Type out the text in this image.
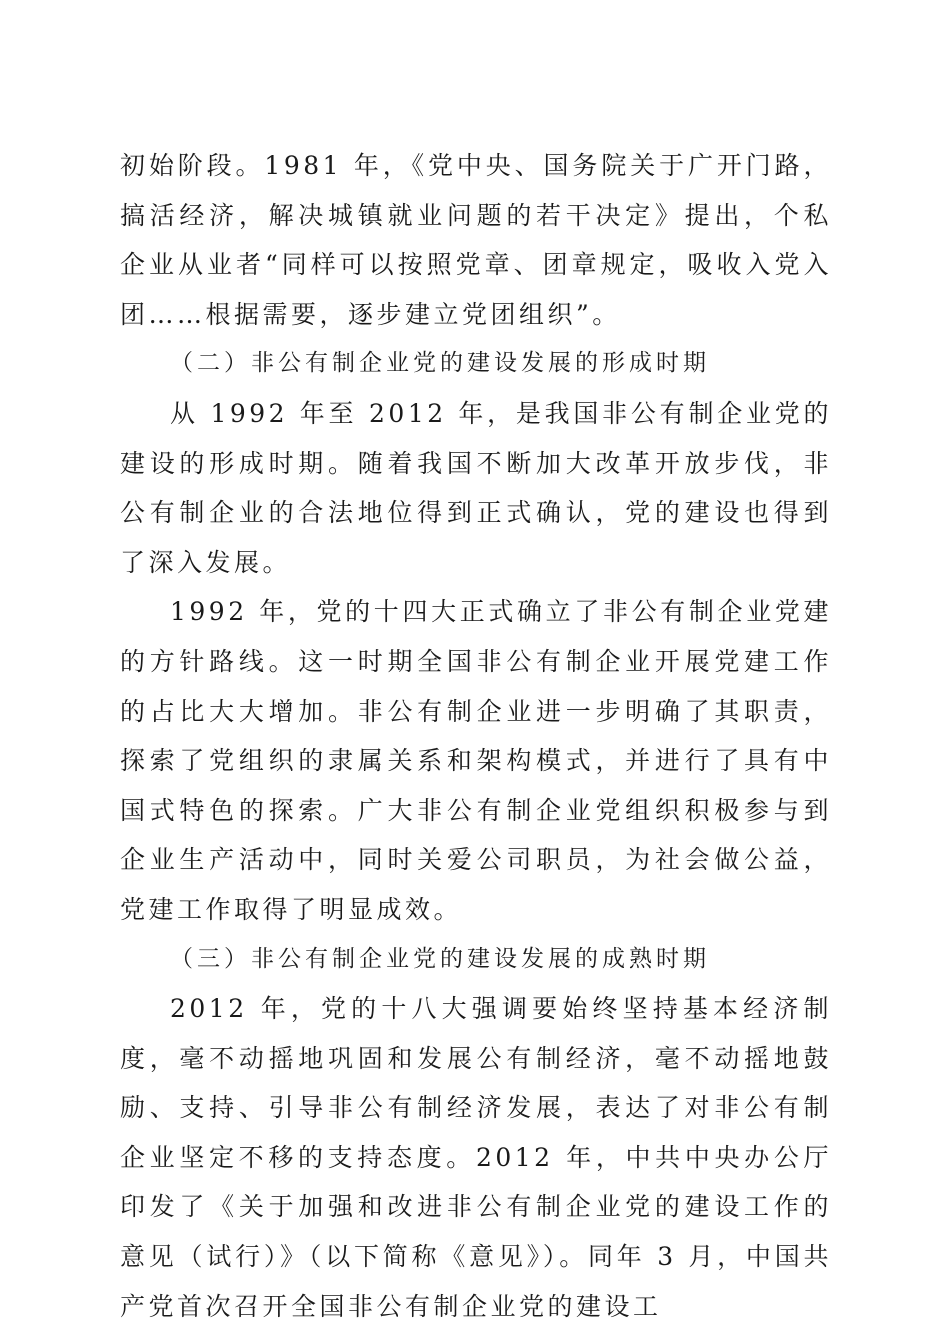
初始阶段。1981 年，《党中央、国务院关于广开门路，搞活经济，解决城镇就业问题的若干决定》提出，个私企业从业者“同样可以按照党章、团章规定，吸收入党入团……根据需要，逐步建立党团组织”。

（二）非公有制企业党的建设发展的形成时期

从 1992 年至 2012 年，是我国非公有制企业党的建设的形成时期。随着我国不断加大改革开放步伐，非公有制企业的合法地位得到正式确认，党的建设也得到了深入发展。

1992 年，党的十四大正式确立了非公有制企业党建的方针路线。这一时期全国非公有制企业开展党建工作的占比大大增加。非公有制企业进一步明确了其职责，探索了党组织的隶属关系和架构模式，并进行了具有中国式特色的探索。广大非公有制企业党组织积极参与到企业生产活动中，同时关爱公司职员，为社会做公益，党建工作取得了明显成效。

（三）非公有制企业党的建设发展的成熟时期

2012 年，党的十八大强调要始终坚持基本经济制度，毫不动摇地巩固和发展公有制经济，毫不动摇地鼓励、支持、引导非公有制经济发展，表达了对非公有制企业坚定不移的支持态度。2012 年，中共中央办公厅印发了《关于加强和改进非公有制企业党的建设工作的意见（试行）》（以下简称《意见》）。同年 3 月，中国共产党首次召开全国非公有制企业党的建设工
